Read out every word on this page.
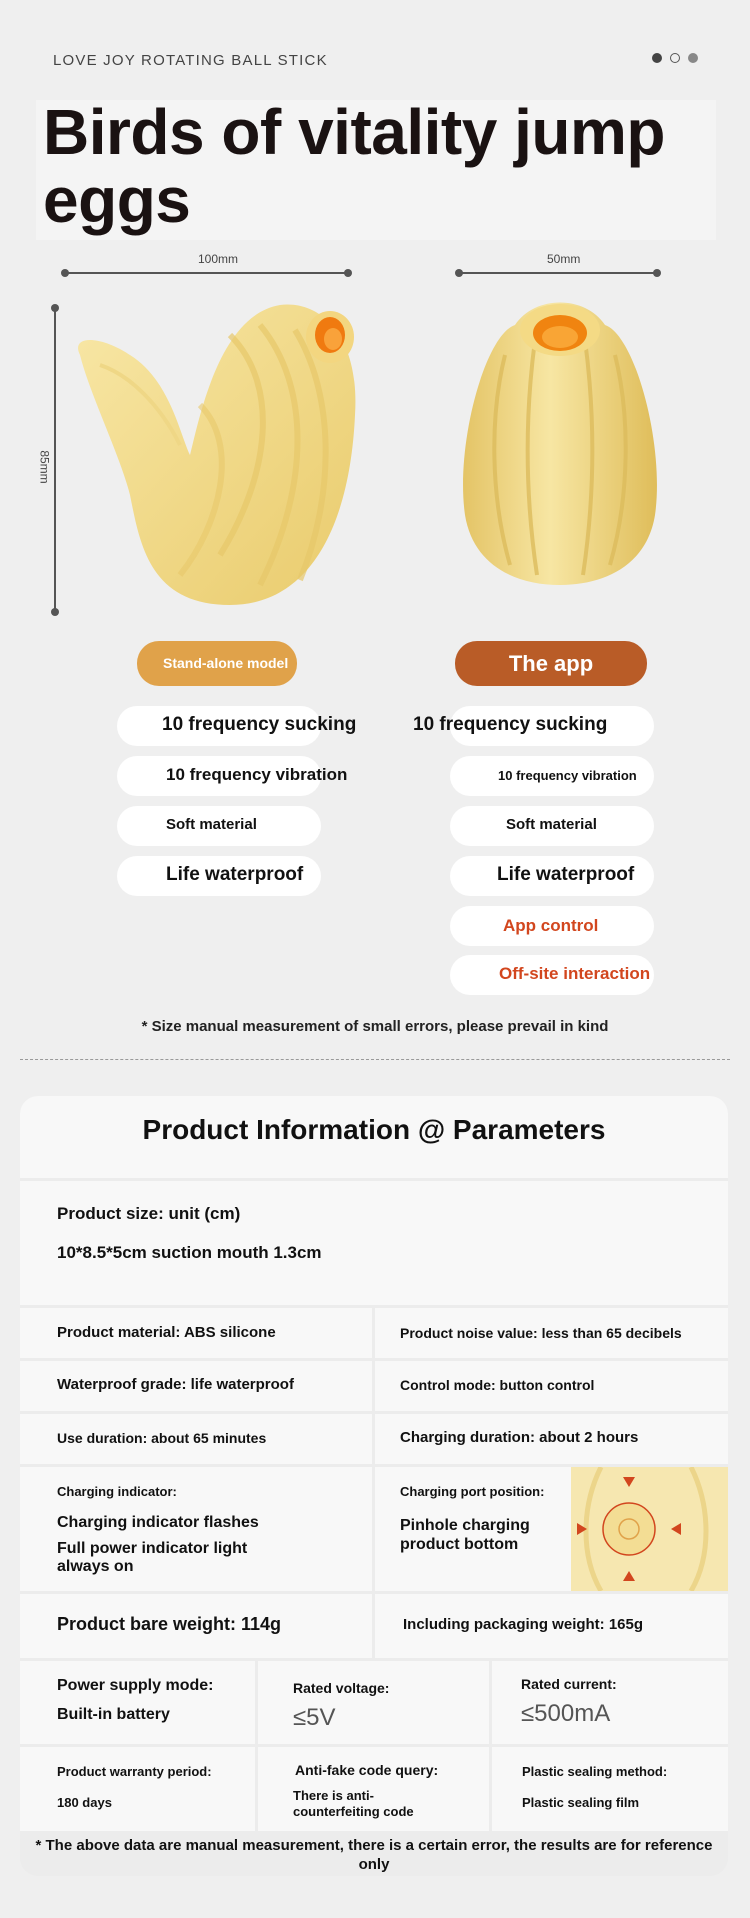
LOVE JOY ROTATING BALL STICK
Birds of vitality jump eggs
100mm	50mm
85mm
Stand-alone model	The app
10 frequency sucking
10 frequency vibration
Soft material
Life waterproof
10 frequency sucking
10 frequency vibration
Soft material
Life waterproof
App control
Off-site interaction
* Size manual measurement of small errors, please prevail in kind
Product Information @ Parameters
Product size: unit (cm)
10*8.5*5cm suction mouth 1.3cm
Product material: ABS silicone	Product noise value: less than 65 decibels
Waterproof grade: life waterproof	Control mode: button control
Use duration: about 65 minutes	Charging duration: about 2 hours
Charging indicator:
Charging indicator flashes
Full power indicator light always on
Charging port position:
Pinhole charging product bottom
Product bare weight: 114g	Including packaging weight: 165g
Power supply mode:
Built-in battery
Rated voltage:
≤5V
Rated current:
≤500mA
Product warranty period:
180 days
Anti-fake code query:
There is anti-counterfeiting code
Plastic sealing method:
Plastic sealing film
* The above data are manual measurement, there is a certain error, the results are for reference only
